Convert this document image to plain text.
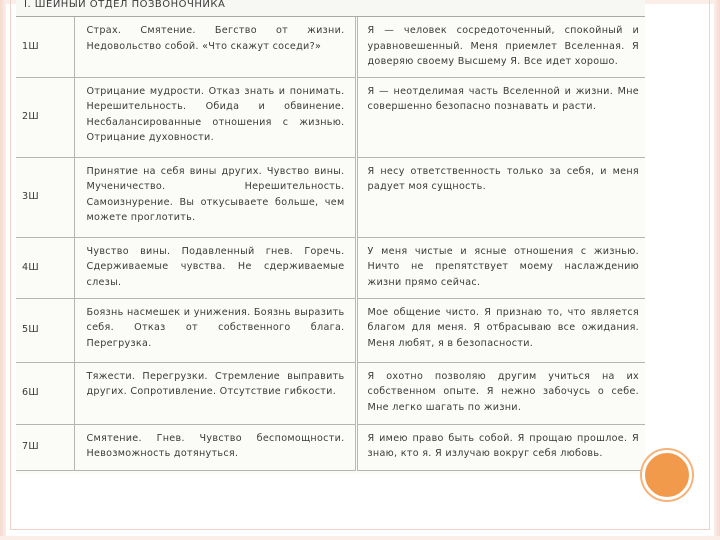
I. ШЕЙНЫЙ ОТДЕЛ ПОЗВОНОЧНИКА
1Ш	Страх. Смятение. Бегство от жизни. Недовольство собой. «Что скажут соседи?»	Я — человек сосредоточенный, спокойный и уравновешенный. Меня приемлет Вселенная. Я доверяю своему Высшему Я. Все идет хорошо.
2Ш	Отрицание мудрости. Отказ знать и понимать. Нерешительность. Обида и обвинение. Несбалансированные отношения с жизнью. Отрицание духовности.	Я — неотделимая часть Вселенной и жизни. Мне совершенно безопасно познавать и расти.
3Ш	Принятие на себя вины других. Чувство вины. Мученичество. Нерешительность. Самоизнурение. Вы откусываете больше, чем можете проглотить.	Я несу ответственность только за себя, и меня радует моя сущность.
4Ш	Чувство вины. Подавленный гнев. Горечь. Сдерживаемые чувства. Не сдерживаемые слезы.	У меня чистые и ясные отношения с жизнью. Ничто не препятствует моему наслаждению жизни прямо сейчас.
5Ш	Боязнь насмешек и унижения. Боязнь выразить себя. Отказ от собственного блага. Перегрузка.	Мое общение чисто. Я признаю то, что является благом для меня. Я отбрасываю все ожидания. Меня любят, я в безопасности.
6Ш	Тяжести. Перегрузки. Стремление выправить других. Сопротивление. Отсутствие гибкости.	Я охотно позволяю другим учиться на их собственном опыте. Я нежно забочусь о себе. Мне легко шагать по жизни.
7Ш	Смятение. Гнев. Чувство беспомощности. Невозможность дотянуться.	Я имею право быть собой. Я прощаю прошлое. Я знаю, кто я. Я излучаю вокруг себя любовь.
